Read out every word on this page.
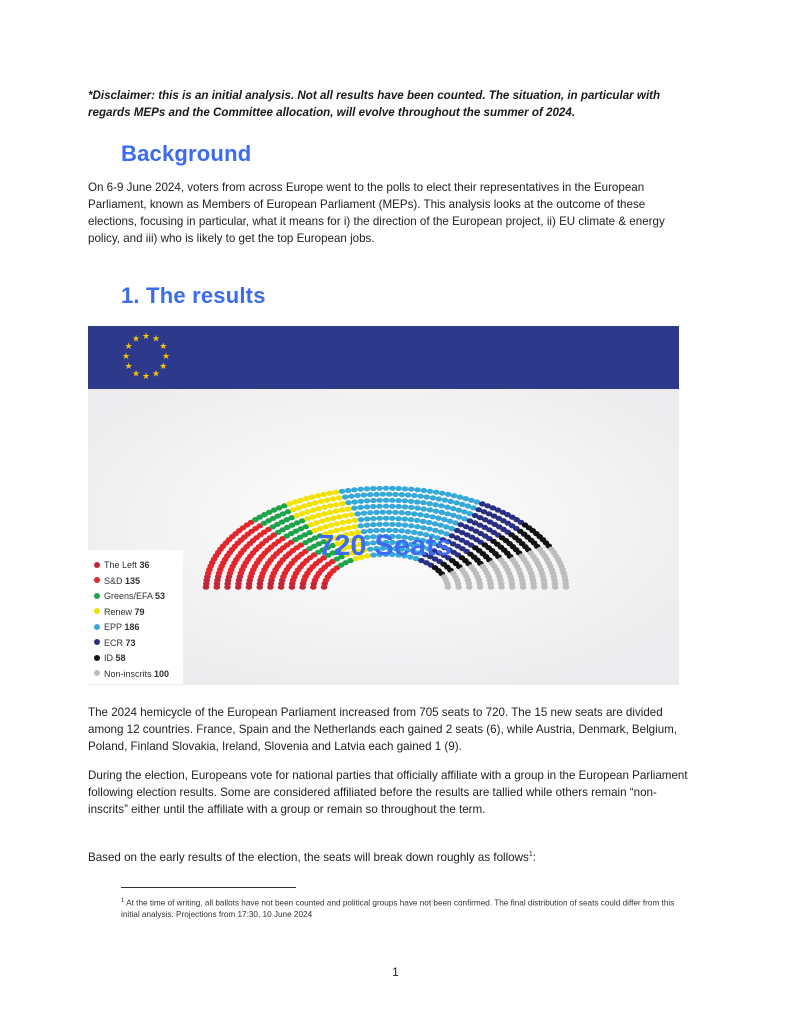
*Disclaimer: this is an initial analysis. Not all results have been counted. The situation, in particular with regards MEPs and the Committee allocation, will evolve throughout the summer of 2024.
Background
On 6-9 June 2024, voters from across Europe went to the polls to elect their representatives in the European Parliament, known as Members of European Parliament (MEPs). This analysis looks at the outcome of these elections, focusing in particular, what it means for i) the direction of the European project, ii) EU climate & energy policy, and iii) who is likely to get the top European jobs.
1. The results
★ ★
★
★
★
★
★
★
★
★
★
★
720 Seats
The Left 36
S&D 135
Greens/EFA 53
Renew 79
EPP 186
ECR 73
ID 58
Non-inscrits 100
The 2024 hemicycle of the European Parliament increased from 705 seats to 720. The 15 new seats are divided among 12 countries. France, Spain and the Netherlands each gained 2 seats (6), while Austria, Denmark, Belgium, Poland, Finland Slovakia, Ireland, Slovenia and Latvia each gained 1 (9).
During the election, Europeans vote for national parties that officially affiliate with a group in the European Parliament following election results. Some are considered affiliated before the results are tallied while others remain “non-inscrits” either until the affiliate with a group or remain so throughout the term.
Based on the early results of the election, the seats will break down roughly as follows$^1$:
$^1$ At the time of writing, all ballots have not been counted and political groups have not been confirmed. The final distribution of seats could differ from this initial analysis. Projections from 17:30, 10 June 2024
1
